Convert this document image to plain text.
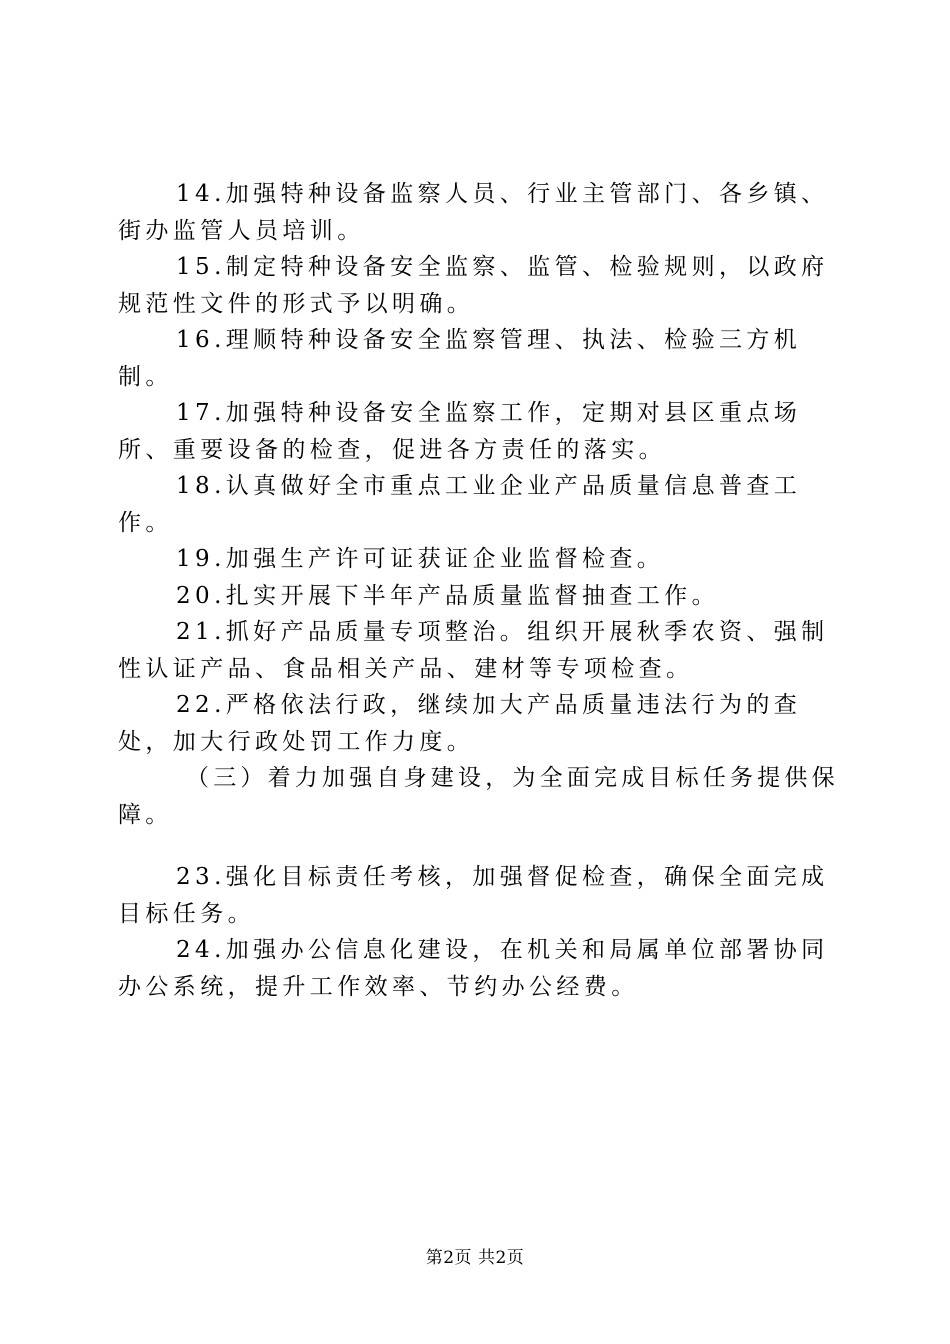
14.加强特种设备监察人员、行业主管部门、各乡镇、街办监管人员培训。

15.制定特种设备安全监察、监管、检验规则，以政府规范性文件的形式予以明确。

16.理顺特种设备安全监察管理、执法、检验三方机制。

17.加强特种设备安全监察工作，定期对县区重点场所、重要设备的检查，促进各方责任的落实。

18.认真做好全市重点工业企业产品质量信息普查工作。

19.加强生产许可证获证企业监督检查。

20.扎实开展下半年产品质量监督抽查工作。

21.抓好产品质量专项整治。组织开展秋季农资、强制性认证产品、食品相关产品、建材等专项检查。

22.严格依法行政，继续加大产品质量违法行为的查处，加大行政处罚工作力度。

（三）着力加强自身建设，为全面完成目标任务提供保障。

23.强化目标责任考核，加强督促检查，确保全面完成目标任务。

24.加强办公信息化建设，在机关和局属单位部署协同办公系统，提升工作效率、节约办公经费。

第2页 共2页
